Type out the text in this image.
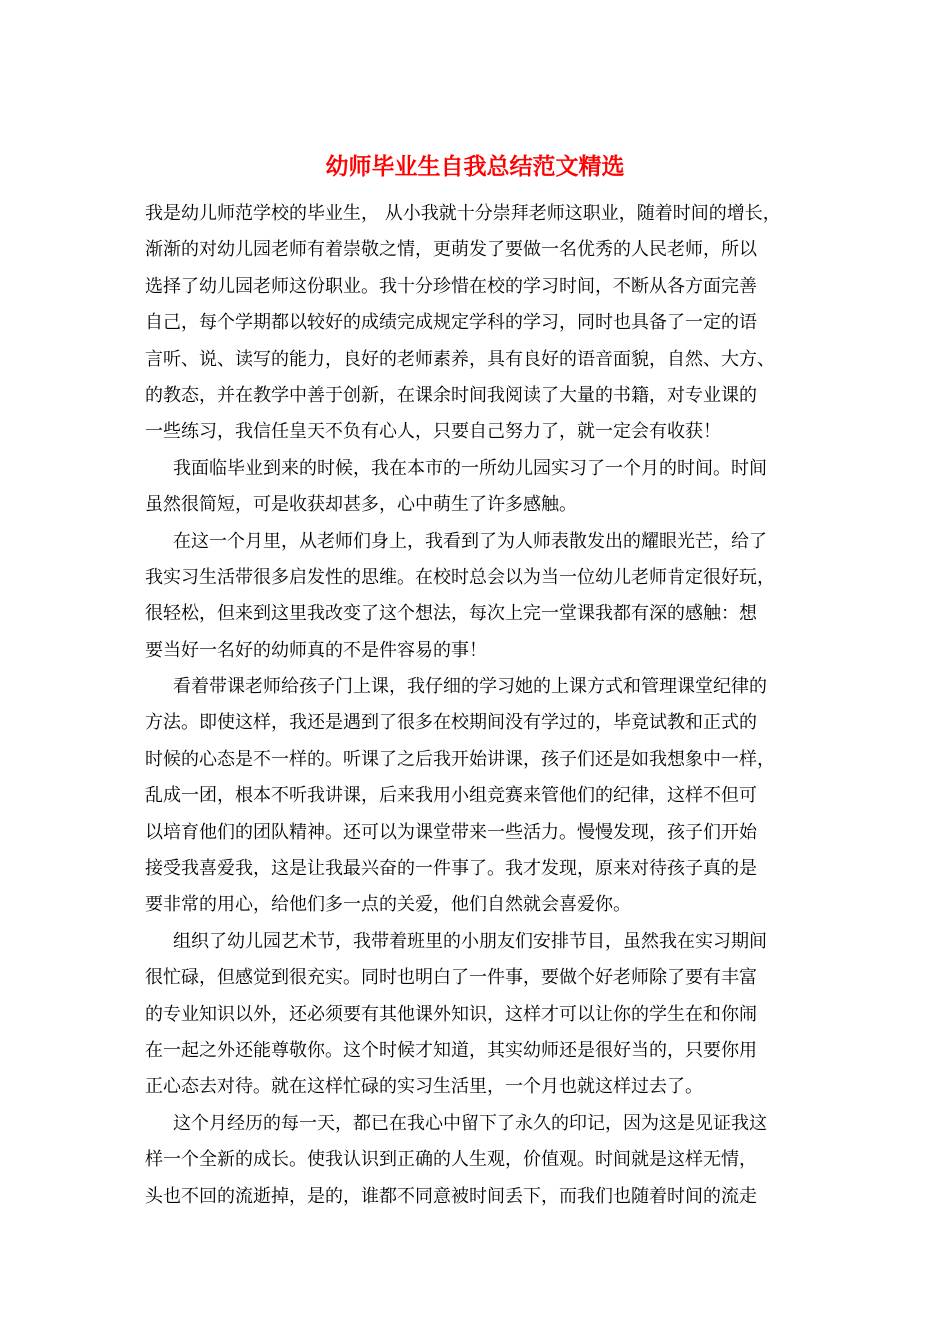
幼师毕业生自我总结范文精选
我是幼儿师范学校的毕业生， 从小我就十分崇拜老师这职业，随着时间的增长，
渐渐的对幼儿园老师有着崇敬之情，更萌发了要做一名优秀的人民老师，所以
选择了幼儿园老师这份职业。我十分珍惜在校的学习时间，不断从各方面完善
自己，每个学期都以较好的成绩完成规定学科的学习，同时也具备了一定的语
言听、说、读写的能力，良好的老师素养，具有良好的语音面貌，自然、大方、
的教态，并在教学中善于创新，在课余时间我阅读了大量的书籍，对专业课的
一些练习，我信任皇天不负有心人，只要自己努力了，就一定会有收获！
我面临毕业到来的时候，我在本市的一所幼儿园实习了一个月的时间。时间
虽然很简短，可是收获却甚多，心中萌生了许多感触。
在这一个月里，从老师们身上，我看到了为人师表散发出的耀眼光芒，给了
我实习生活带很多启发性的思维。在校时总会以为当一位幼儿老师肯定很好玩，
很轻松，但来到这里我改变了这个想法，每次上完一堂课我都有深的感触：想
要当好一名好的幼师真的不是件容易的事！
看着带课老师给孩子门上课，我仔细的学习她的上课方式和管理课堂纪律的
方法。即使这样，我还是遇到了很多在校期间没有学过的，毕竟试教和正式的
时候的心态是不一样的。听课了之后我开始讲课，孩子们还是如我想象中一样，
乱成一团，根本不听我讲课，后来我用小组竞赛来管他们的纪律，这样不但可
以培育他们的团队精神。还可以为课堂带来一些活力。慢慢发现，孩子们开始
接受我喜爱我，这是让我最兴奋的一件事了。我才发现，原来对待孩子真的是
要非常的用心，给他们多一点的关爱，他们自然就会喜爱你。
组织了幼儿园艺术节，我带着班里的小朋友们安排节目，虽然我在实习期间
很忙碌，但感觉到很充实。同时也明白了一件事，要做个好老师除了要有丰富
的专业知识以外，还必须要有其他课外知识，这样才可以让你的学生在和你闹
在一起之外还能尊敬你。这个时候才知道，其实幼师还是很好当的，只要你用
正心态去对待。就在这样忙碌的实习生活里，一个月也就这样过去了。
这个月经历的每一天，都已在我心中留下了永久的印记，因为这是见证我这
样一个全新的成长。使我认识到正确的人生观，价值观。时间就是这样无情，
头也不回的流逝掉，是的，谁都不同意被时间丢下，而我们也随着时间的流走
